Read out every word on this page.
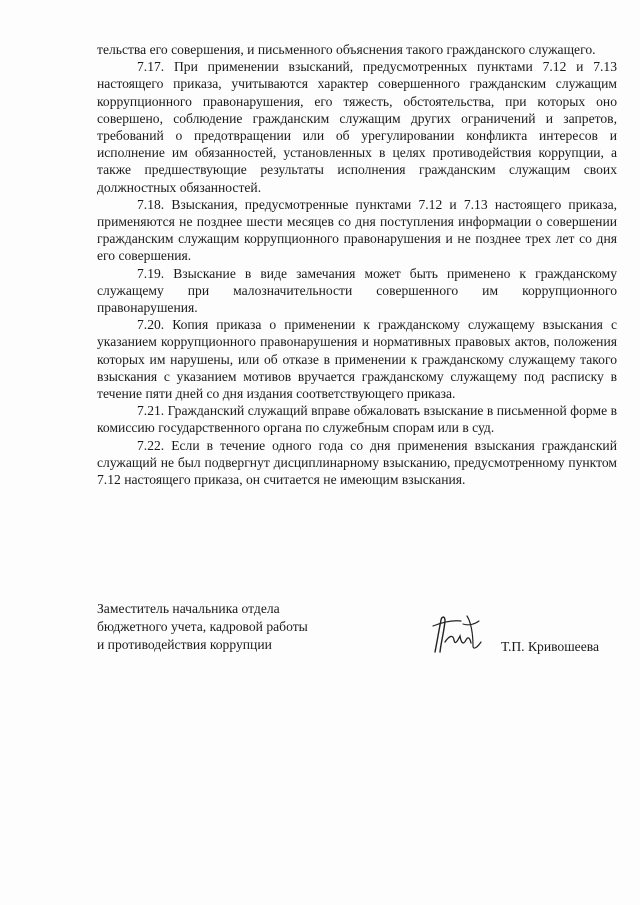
тельства его совершения, и письменного объяснения такого гражданского служащего.

7.17. При применении взысканий, предусмотренных пунктами 7.12 и 7.13 настоящего приказа, учитываются характер совершенного гражданским служащим коррупционного правонарушения, его тяжесть, обстоятельства, при которых оно совершено, соблюдение гражданским служащим других ограничений и запретов, требований о предотвращении или об урегулировании конфликта интересов и исполнение им обязанностей, установленных в целях противодействия коррупции, а также предшествующие результаты исполнения гражданским служащим своих должностных обязанностей.

7.18. Взыскания, предусмотренные пунктами 7.12 и 7.13 настоящего приказа, применяются не позднее шести месяцев со дня поступления информации о совершении гражданским служащим коррупционного правонарушения и не позднее трех лет со дня его совершения.

7.19. Взыскание в виде замечания может быть применено к гражданскому служащему при малозначительности совершенного им коррупционного правонарушения.

7.20. Копия приказа о применении к гражданскому служащему взыскания с указанием коррупционного правонарушения и нормативных правовых актов, положения которых им нарушены, или об отказе в применении к гражданскому служащему такого взыскания с указанием мотивов вручается гражданскому служащему под расписку в течение пяти дней со дня издания соответствующего приказа.

7.21. Гражданский служащий вправе обжаловать взыскание в письменной форме в комиссию государственного органа по служебным спорам или в суд.

7.22. Если в течение одного года со дня применения взыскания гражданский служащий не был подвергнут дисциплинарному взысканию, предусмотренному пунктом 7.12 настоящего приказа, он считается не имеющим взыскания.

Заместитель начальника отдела
бюджетного учета, кадровой работы
и противодействия коррупции	Т.П. Кривошеева
